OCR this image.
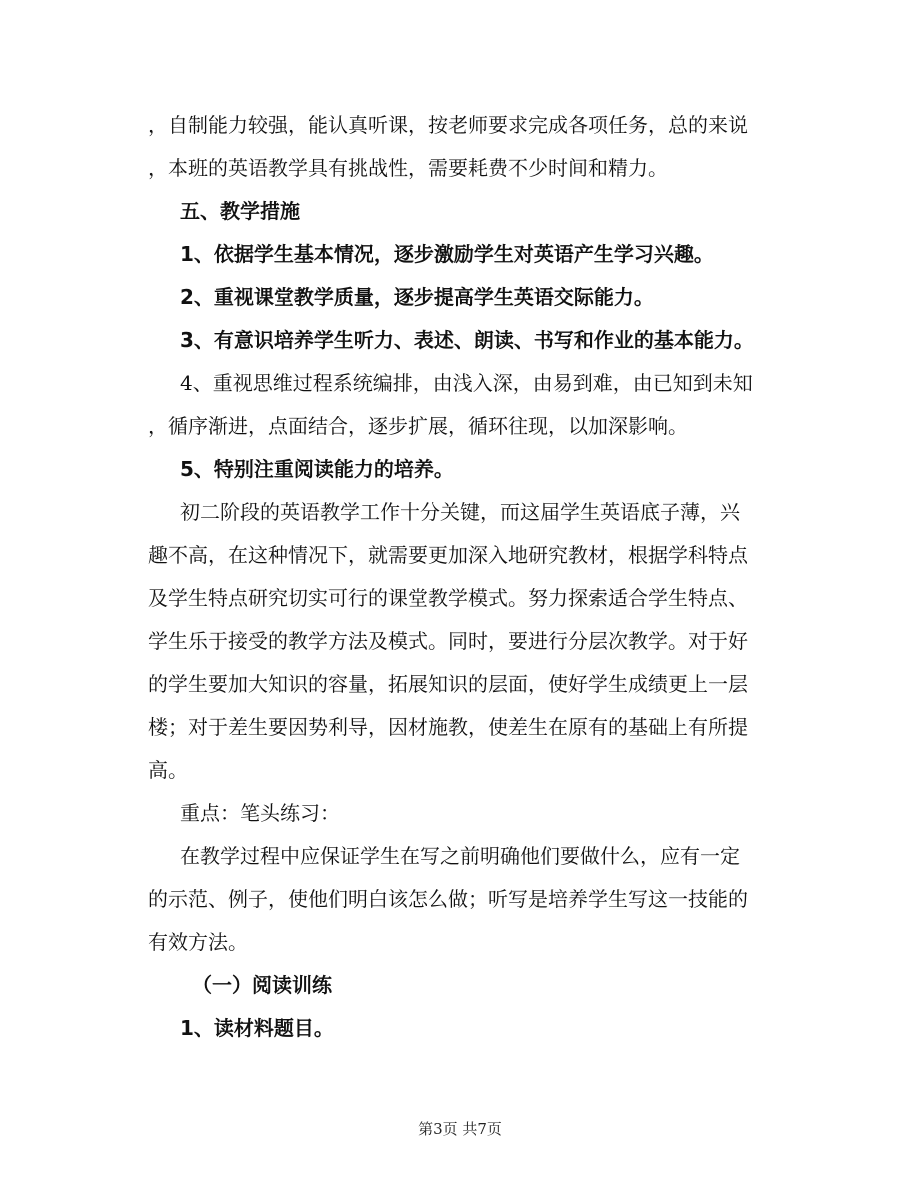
，自制能力较强，能认真听课，按老师要求完成各项任务，总的来说
，本班的英语教学具有挑战性，需要耗费不少时间和精力。
五、教学措施
1、依据学生基本情况，逐步激励学生对英语产生学习兴趣。
2、重视课堂教学质量，逐步提高学生英语交际能力。
3、有意识培养学生听力、表述、朗读、书写和作业的基本能力。
4、重视思维过程系统编排，由浅入深，由易到难，由已知到未知
，循序渐进，点面结合，逐步扩展，循环往现，以加深影响。
5、特别注重阅读能力的培养。
初二阶段的英语教学工作十分关键，而这届学生英语底子薄，兴
趣不高，在这种情况下，就需要更加深入地研究教材，根据学科特点
及学生特点研究切实可行的课堂教学模式。努力探索适合学生特点、
学生乐于接受的教学方法及模式。同时，要进行分层次教学。对于好
的学生要加大知识的容量，拓展知识的层面，使好学生成绩更上一层
楼；对于差生要因势利导，因材施教，使差生在原有的基础上有所提
高。
重点：笔头练习：
在教学过程中应保证学生在写之前明确他们要做什么，应有一定
的示范、例子，使他们明白该怎么做；听写是培养学生写这一技能的
有效方法。
（一）阅读训练
1、读材料题目。
第3页 共7页
